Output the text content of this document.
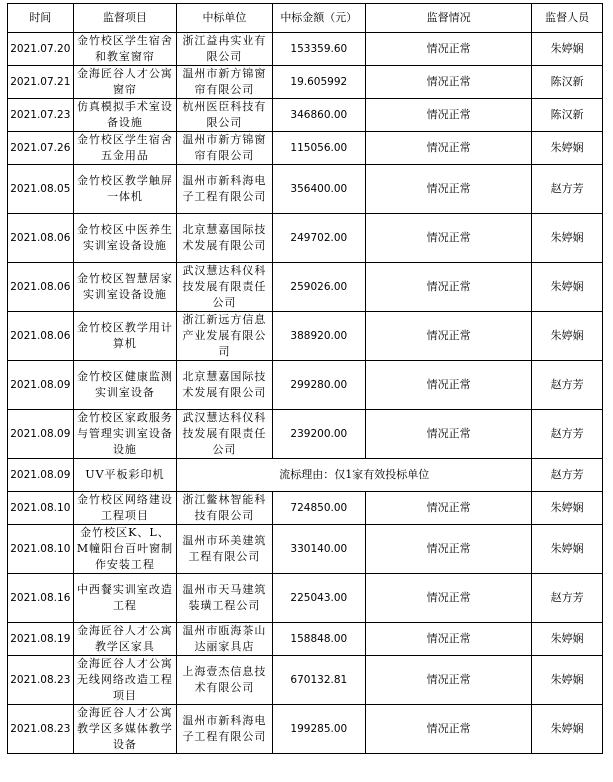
时间	监督项目	中标单位	中标金额（元）	监督情况	监督人员
2021.07.20	金竹校区学生宿舍和教室窗帘	浙江益冉实业有限公司	153359.60	情况正常	朱婷娴
2021.07.21	金海匠谷人才公寓窗帘	温州市新方锦窗帘有限公司	19.605992	情况正常	陈汉新
2021.07.23	仿真模拟手术室设备设施	杭州医臣科技有限公司	346860.00	情况正常	陈汉新
2021.07.26	金竹校区学生宿舍五金用品	温州市新方锦窗帘有限公司	115056.00	情况正常	朱婷娴
2021.08.05	金竹校区教学触屏一体机	温州市新科海电子工程有限公司	356400.00	情况正常	赵方芳
2021.08.06	金竹校区中医养生实训室设备设施	北京慧嘉国际技术发展有限公司	249702.00	情况正常	朱婷娴
2021.08.06	金竹校区智慧居家实训室设备设施	武汉慧达科仪科技发展有限责任公司	259026.00	情况正常	朱婷娴
2021.08.06	金竹校区教学用计算机	浙江新远方信息产业发展有限公司	388920.00	情况正常	朱婷娴
2021.08.09	金竹校区健康监测实训室设备	北京慧嘉国际技术发展有限公司	299280.00	情况正常	赵方芳
2021.08.09	金竹校区家政服务与管理实训室设备设施	武汉慧达科仪科技发展有限责任公司	239200.00	情况正常	赵方芳
2021.08.09	UV平板彩印机	流标理由：仅1家有效投标单位			赵方芳
2021.08.10	金竹校区网络建设工程项目	浙江鳖林智能科技有限公司	724850.00	情况正常	朱婷娴
2021.08.10	金竹校区K、L、M幢阳台百叶窗制作安装工程	温州市环美建筑工程有限公司	330140.00	情况正常	朱婷娴
2021.08.16	中西餐实训室改造工程	温州市天马建筑装璜工程公司	225043.00	情况正常	赵方芳
2021.08.19	金海匠谷人才公寓教学区家具	温州市瓯海茶山达丽家具店	158848.00	情况正常	朱婷娴
2021.08.23	金海匠谷人才公寓无线网络改造工程项目	上海壹杰信息技术有限公司	670132.81	情况正常	朱婷娴
2021.08.23	金海匠谷人才公寓教学区多媒体教学设备	温州市新科海电子工程有限公司	199285.00	情况正常	朱婷娴
